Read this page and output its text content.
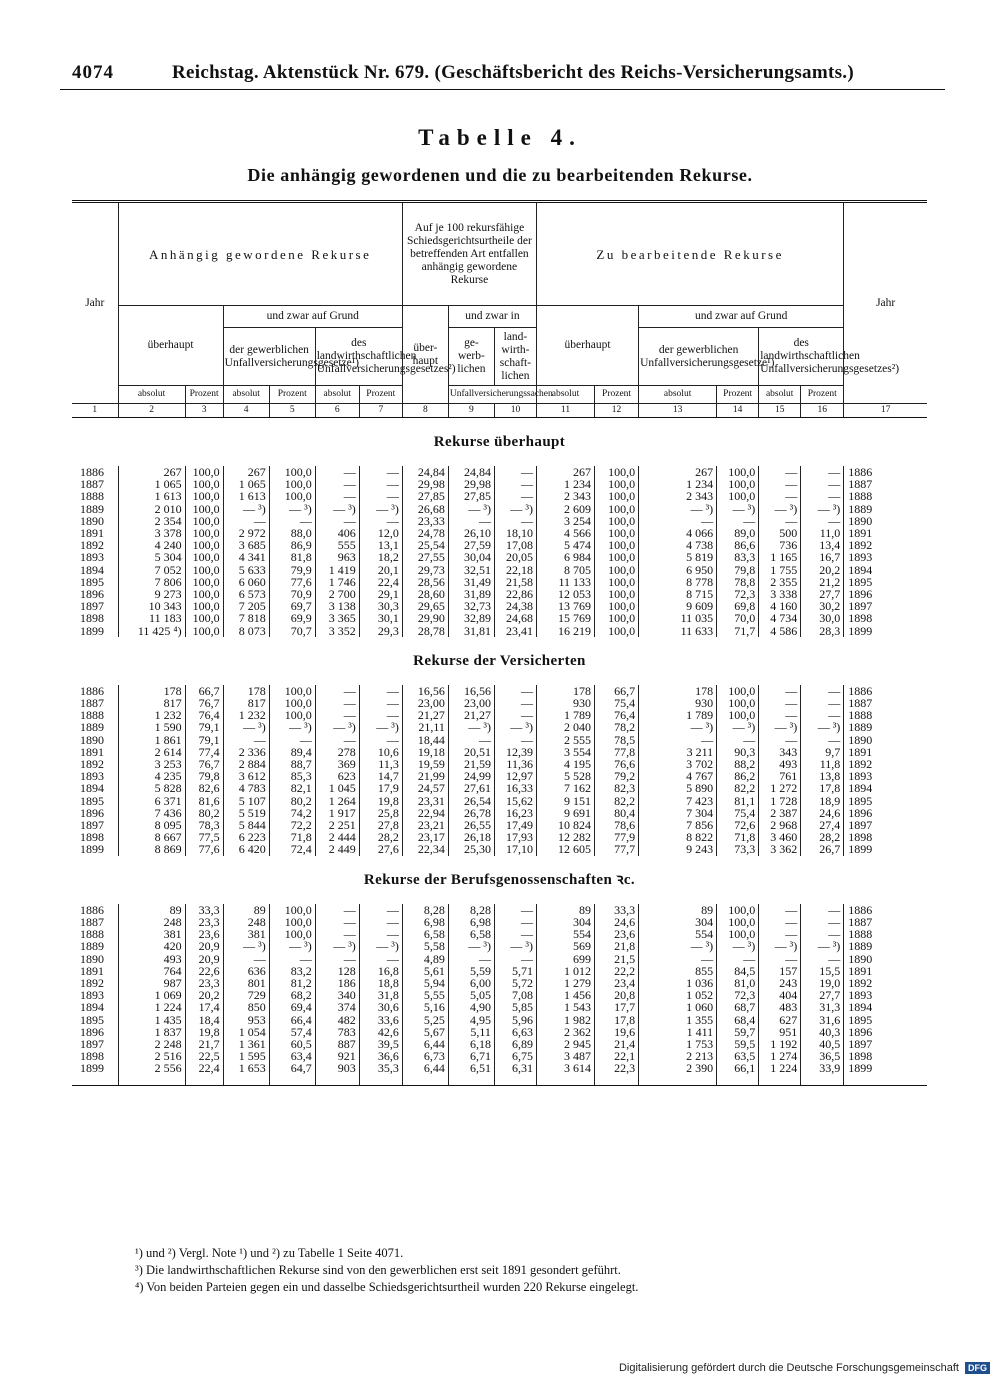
4074	Reichstag. Aktenstück Nr. 679. (Geschäftsbericht des Reichs-Versicherungsamts.)
Tabelle 4.
Die anhängig gewordenen und die zu bearbeitenden Rekurse.
Jahr	Anhängig gewordene Rekurse						Auf je 100 rekursfähige Schiedsgerichtsurtheile der betreffenden Art entfallen anhängig gewordene Rekurse			Zu bearbeitende Rekurse						Jahr
	überhaupt		und zwar auf Grund				über- haupt	und zwar in		überhaupt		und zwar auf Grund				
			der gewerblichen Unfallversicherungsgesetze¹)		des landwirthschaftlichen Unfallversicherungsgesetzes²)			ge- werb- lichen	land- wirth- schaft- lichen			der gewerblichen Unfallversicherungsgesetze¹)		des landwirthschaftlichen Unfallversicherungsgesetzes²)		
	absolut	Prozent	absolut	Prozent	absolut	Prozent		Unfallversicherungssachen		absolut	Prozent	absolut	Prozent	absolut	Prozent	
1	2	3	4	5	6	7	8	9	10	11	12	13	14	15	16	17
Rekurse überhaupt																
1886	267	100,0	267	100,0	—	—	24,84	24,84	—	267	100,0	267	100,0	—	—	1886
1887	1 065	100,0	1 065	100,0	—	—	29,98	29,98	—	1 234	100,0	1 234	100,0	—	—	1887
1888	1 613	100,0	1 613	100,0	—	—	27,85	27,85	—	2 343	100,0	2 343	100,0	—	—	1888
1889	2 010	100,0	— ³)	— ³)	— ³)	— ³)	26,68	— ³)	— ³)	2 609	100,0	— ³)	— ³)	— ³)	— ³)	1889
1890	2 354	100,0	—	—	—	—	23,33	—	—	3 254	100,0	—	—	—	—	1890
1891	3 378	100,0	2 972	88,0	406	12,0	24,78	26,10	18,10	4 566	100,0	4 066	89,0	500	11,0	1891
1892	4 240	100,0	3 685	86,9	555	13,1	25,54	27,59	17,08	5 474	100,0	4 738	86,6	736	13,4	1892
1893	5 304	100,0	4 341	81,8	963	18,2	27,55	30,04	20,05	6 984	100,0	5 819	83,3	1 165	16,7	1893
1894	7 052	100,0	5 633	79,9	1 419	20,1	29,73	32,51	22,18	8 705	100,0	6 950	79,8	1 755	20,2	1894
1895	7 806	100,0	6 060	77,6	1 746	22,4	28,56	31,49	21,58	11 133	100,0	8 778	78,8	2 355	21,2	1895
1896	9 273	100,0	6 573	70,9	2 700	29,1	28,60	31,89	22,86	12 053	100,0	8 715	72,3	3 338	27,7	1896
1897	10 343	100,0	7 205	69,7	3 138	30,3	29,65	32,73	24,38	13 769	100,0	9 609	69,8	4 160	30,2	1897
1898	11 183	100,0	7 818	69,9	3 365	30,1	29,90	32,89	24,68	15 769	100,0	11 035	70,0	4 734	30,0	1898
1899	11 425 ⁴)	100,0	8 073	70,7	3 352	29,3	28,78	31,81	23,41	16 219	100,0	11 633	71,7	4 586	28,3	1899
Rekurse der Versicherten																
1886	178	66,7	178	100,0	—	—	16,56	16,56	—	178	66,7	178	100,0	—	—	1886
1887	817	76,7	817	100,0	—	—	23,00	23,00	—	930	75,4	930	100,0	—	—	1887
1888	1 232	76,4	1 232	100,0	—	—	21,27	21,27	—	1 789	76,4	1 789	100,0	—	—	1888
1889	1 590	79,1	— ³)	— ³)	— ³)	— ³)	21,11	— ³)	— ³)	2 040	78,2	— ³)	— ³)	— ³)	— ³)	1889
1890	1 861	79,1	—	—	—	—	18,44	—	—	2 555	78,5	—	—	—	—	1890
1891	2 614	77,4	2 336	89,4	278	10,6	19,18	20,51	12,39	3 554	77,8	3 211	90,3	343	9,7	1891
1892	3 253	76,7	2 884	88,7	369	11,3	19,59	21,59	11,36	4 195	76,6	3 702	88,2	493	11,8	1892
1893	4 235	79,8	3 612	85,3	623	14,7	21,99	24,99	12,97	5 528	79,2	4 767	86,2	761	13,8	1893
1894	5 828	82,6	4 783	82,1	1 045	17,9	24,57	27,61	16,33	7 162	82,3	5 890	82,2	1 272	17,8	1894
1895	6 371	81,6	5 107	80,2	1 264	19,8	23,31	26,54	15,62	9 151	82,2	7 423	81,1	1 728	18,9	1895
1896	7 436	80,2	5 519	74,2	1 917	25,8	22,94	26,78	16,23	9 691	80,4	7 304	75,4	2 387	24,6	1896
1897	8 095	78,3	5 844	72,2	2 251	27,8	23,21	26,55	17,49	10 824	78,6	7 856	72,6	2 968	27,4	1897
1898	8 667	77,5	6 223	71,8	2 444	28,2	23,17	26,18	17,93	12 282	77,9	8 822	71,8	3 460	28,2	1898
1899	8 869	77,6	6 420	72,4	2 449	27,6	22,34	25,30	17,10	12 605	77,7	9 243	73,3	3 362	26,7	1899
Rekurse der Berufsgenossenschaften ꝛc.																
1886	89	33,3	89	100,0	—	—	8,28	8,28	—	89	33,3	89	100,0	—	—	1886
1887	248	23,3	248	100,0	—	—	6,98	6,98	—	304	24,6	304	100,0	—	—	1887
1888	381	23,6	381	100,0	—	—	6,58	6,58	—	554	23,6	554	100,0	—	—	1888
1889	420	20,9	— ³)	— ³)	— ³)	— ³)	5,58	— ³)	— ³)	569	21,8	— ³)	— ³)	— ³)	— ³)	1889
1890	493	20,9	—	—	—	—	4,89	—	—	699	21,5	—	—	—	—	1890
1891	764	22,6	636	83,2	128	16,8	5,61	5,59	5,71	1 012	22,2	855	84,5	157	15,5	1891
1892	987	23,3	801	81,2	186	18,8	5,94	6,00	5,72	1 279	23,4	1 036	81,0	243	19,0	1892
1893	1 069	20,2	729	68,2	340	31,8	5,55	5,05	7,08	1 456	20,8	1 052	72,3	404	27,7	1893
1894	1 224	17,4	850	69,4	374	30,6	5,16	4,90	5,85	1 543	17,7	1 060	68,7	483	31,3	1894
1895	1 435	18,4	953	66,4	482	33,6	5,25	4,95	5,96	1 982	17,8	1 355	68,4	627	31,6	1895
1896	1 837	19,8	1 054	57,4	783	42,6	5,67	5,11	6,63	2 362	19,6	1 411	59,7	951	40,3	1896
1897	2 248	21,7	1 361	60,5	887	39,5	6,44	6,18	6,89	2 945	21,4	1 753	59,5	1 192	40,5	1897
1898	2 516	22,5	1 595	63,4	921	36,6	6,73	6,71	6,75	3 487	22,1	2 213	63,5	1 274	36,5	1898
1899	2 556	22,4	1 653	64,7	903	35,3	6,44	6,51	6,31	3 614	22,3	2 390	66,1	1 224	33,9	1899

¹) und ²) Vergl. Note ¹) und ²) zu Tabelle 1 Seite 4071.
³) Die landwirthschaftlichen Rekurse sind von den gewerblichen erst seit 1891 gesondert geführt.
⁴) Von beiden Parteien gegen ein und dasselbe Schiedsgerichtsurtheil wurden 220 Rekurse eingelegt.
Digitalisierung gefördert durch die Deutsche Forschungsgemeinschaft DFG
